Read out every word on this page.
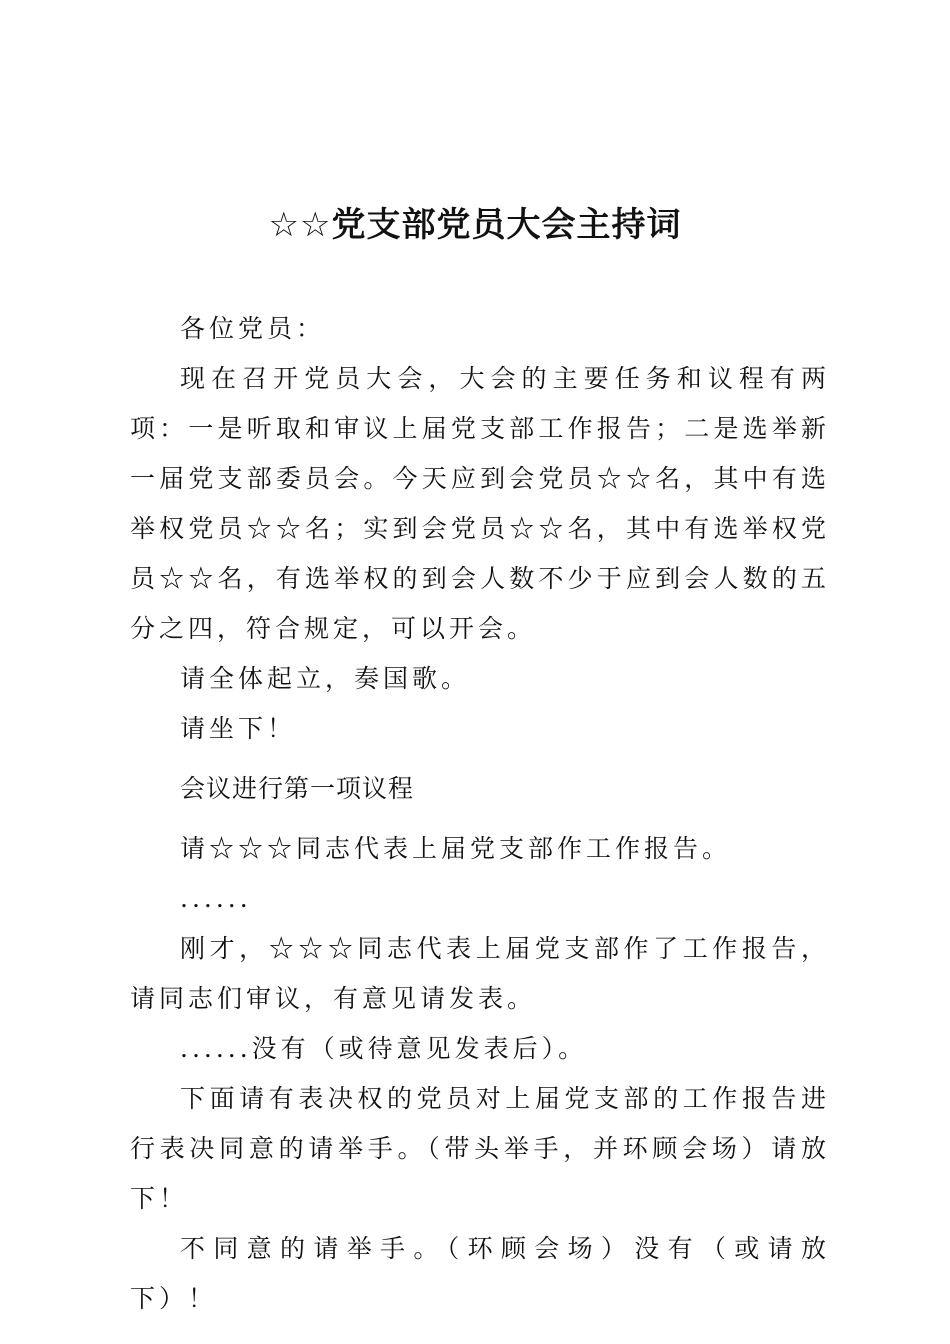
☆☆党支部党员大会主持词

各位党员：

现在召开党员大会，大会的主要任务和议程有两项：一是听取和审议上届党支部工作报告；二是选举新一届党支部委员会。今天应到会党员☆☆名，其中有选举权党员☆☆名；实到会党员☆☆名，其中有选举权党员☆☆名，有选举权的到会人数不少于应到会人数的五分之四，符合规定，可以开会。

请全体起立，奏国歌。

请坐下！

会议进行第一项议程

请☆☆☆同志代表上届党支部作工作报告。

......

刚才，☆☆☆同志代表上届党支部作了工作报告，请同志们审议，有意见请发表。

......没有（或待意见发表后）。

下面请有表决权的党员对上届党支部的工作报告进行表决同意的请举手。（带头举手，并环顾会场）请放下！

不同意的请举手。（环顾会场）没有（或请放下）！
